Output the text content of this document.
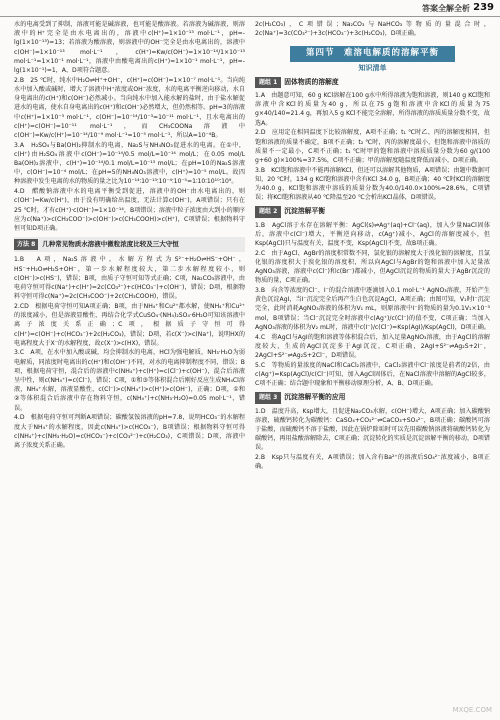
答案全解全析 239

水的电离受到了抑制，溶液可能是碱溶液，也可能是酸溶液。若溶液为碱溶液，则溶液中的H⁺完全是由水电离出的，溶液中c(H⁺)=1×10⁻¹³ mol·L⁻¹，pH=-lg(1×10⁻¹³)=13；若溶液为酸溶液，则溶液中的OH⁻完全是由水电离出的，溶液中c(OH⁻)=1×10⁻¹³ mol·L⁻¹，c(H⁺)=Kw/c(OH⁻)=1×10⁻¹⁴/1×10⁻¹³ mol·L⁻¹=1×10⁻¹ mol·L⁻¹，溶液中由酸电离出的c(H⁺)≈1×10⁻¹ mol·L⁻¹，pH=-lg(1×10⁻¹)=1，A、D项符合题意。

2.B　25 ℃时，纯水中H₂O⇌H⁺+OH⁻，c(H⁺)=c(OH⁻)=1×10⁻⁷ mol·L⁻¹。当向纯水中加入酸或碱时，增大了溶液中H⁺浓度或OH⁻浓度，水的电离平衡逆向移动，水自身电离出的c(H⁺)和c(OH⁻)必然减小。当向纯水中加入能水解的盐时，由于盐水解促进水的电离，使水自身电离出的c(H⁺)和c(OH⁻)必然增大，但仍然相等。pH=3的溶液中c(H⁺)=1×10⁻³ mol·L⁻¹，c(OH⁻)=10⁻¹⁴/10⁻³=10⁻¹¹ mol·L⁻¹，且水电离出的c(H⁺)=c(OH⁻)=10⁻¹¹ mol·L⁻¹，而CH₃COONa溶液中c(OH⁻)=Kw/c(H⁺)=10⁻¹⁴/10⁻⁹ mol·L⁻¹=10⁻⁵ mol·L⁻¹，所以A=10⁻⁴B。

3.A　H₂SO₄与Ba(OH)₂抑制水的电离，Na₂S与NH₄NO₃促进水的电离。在①中，c(H⁺)由H₂SO₄溶液中c(OH⁻)=10⁻¹⁴/0.5 mol/L=10⁻¹⁴ mol/L；在0.05 mol/L Ba(OH)₂溶液中，c(H⁺)=10⁻¹⁴/0.1 mol/L=10⁻¹³ mol/L；在pH=10的Na₂S溶液中，c(OH⁻)=10⁻⁴ mol/L；在pH=5的NH₄NO₃溶液中，c(H⁺)=10⁻⁵ mol/L。故四种溶液中发生电离的水的物质的量之比为10⁻¹⁴∶10⁻¹³∶10⁻⁴∶10⁻⁵=1∶10∶10¹⁰∶10⁹。

4.D　醋酸钠溶液中水的电离平衡受到促进，溶液中的OH⁻由水电离出的，则c(OH⁻)=Kw/c(H⁺)，由于没有明确给出温度，无法计算c(OH⁻)，A项错误；只有在25 ℃时，才有c(H⁺)·c(OH⁻)=1×10⁻¹⁴，B项错误；溶液中粒子浓度由大到小的顺序应为c(Na⁺)>c(CH₃COO⁻)>c(OH⁻)>c(CH₃COOH)>c(H⁺)，C项错误；根据物料守恒可知D项正确。

方法 8	几种常见物质水溶液中微粒浓度比较及三大守恒

1.B　A项，Na₂S溶液中，水解方程式为S²⁻+H₂O⇌HS⁻+OH⁻，HS⁻+H₂O⇌H₂S+OH⁻，第一步水解程度较大，第二步水解程度较小，则c(OH⁻)>c(HS⁻)，错误；B项，由质子守恒可知等式正确；C项，Na₂CO₃溶液中，由电荷守恒可得c(Na⁺)+c(H⁺)=2c(CO₃²⁻)+c(HCO₃⁻)+c(OH⁻)，错误；D项，根据物料守恒可得c(Na⁺)=2c(CH₃COO⁻)+2c(CH₃COOH)，错误。

2.CD　根据电荷守恒可知A项正确；B项，由于NH₄⁺和Cu²⁺都水解，使NH₄⁺和Cu²⁺的浓度减小，但是溶液显酸性，再结合化学式CuSO₄·(NH₄)₂SO₄·6H₂O可知该溶液中离子浓度关系正确；C项，根据质子守恒可得c(H⁺)=c(OH⁻)+c(HCO₃⁻)+2c(H₂CO₃)，错误；D项，若c(X⁻)>c(Na⁺)，说明HX的电离程度大于X⁻的水解程度，故c(X⁻)>c(HX)，错误。

3.C　A项，在水中加入酸或碱，均会抑制水的电离，HCl为强电解质，NH₃·H₂O为弱电解质，同浓度时电离出的c(H⁺)和c(OH⁻)不同，对水的电离抑制程度不同，错误；B项，根据电荷守恒，混合后的溶液中c(NH₄⁺)+c(H⁺)=c(Cl⁻)+c(OH⁻)，混合后溶液呈中性，则c(NH₄⁺)=c(Cl⁻)，错误；C项，①和③等体积混合后刚好反应生成NH₄Cl溶液，NH₄⁺水解，溶液显酸性，c(Cl⁻)>c(NH₄⁺)>c(H⁺)>c(OH⁻)，正确；D项，①和②等体积混合后溶液中存在物料守恒，c(NH₄⁺)+c(NH₃·H₂O)=0.05 mol·L⁻¹，错误。

4.D　根据电荷守恒可判断A项错误；碳酸氢铵溶液的pH=7.8，说明HCO₃⁻的水解程度大于NH₄⁺的水解程度，因此c(NH₄⁺)>c(HCO₃⁻)，B项错误；根据物料守恒可得c(NH₄⁺)+c(NH₃·H₂O)=c(HCO₃⁻)+c(CO₃²⁻)+c(H₂CO₃)，C项错误；D项，溶液中离子浓度关系正确。

2c(H₂CO₃)，C项错误；Na₂CO₃与NaHCO₃等物质的量混合时，2c(Na⁺)=3c(CO₃²⁻)+3c(HCO₃⁻)+3c(H₂CO₃)，D项正确。

第四节　难溶电解质的溶解平衡
知识清单
题组 1	固体物质的溶解度

1.A　由题意可知，60 g KCl溶解在100 g水中所得溶液为饱和溶液，则140 g KCl饱和溶液中含KCl的质量为40 g，所以在75 g饱和溶液中含KCl的质量为75 g×40/140≈21.4 g，再加入5 g KCl不能完全溶解，所得溶液的溶质质量分数不变，故选A。

2.D　应用定在相同温度下比较溶解度，A项不正确；t₁ ℃时乙、丙的溶解度相同，但饱和溶液的质量不确定，B项不正确；t₂ ℃时，丙的溶解度最小，但饱和溶液中溶质的质量不一定最小，C项不正确；t₁ ℃时甲的饱和溶液中溶质质量分数为60 g/(100 g+60 g)×100%=37.5%，C项不正确；甲的溶解度随温度降低而减小，D项正确。

3.B　KCl饱和溶液中不能再溶解KCl，但还可以溶解其他物质，A项错误；由题中数据可知，20 ℃时，134 g KCl饱和溶液中含有KCl 34.0 g，B项正确；40 ℃时KCl的溶解度为40.0 g，KCl饱和溶液中溶质的质量分数为40.0/140.0×100%≈28.6%，C项错误；将KCl饱和溶液从40 ℃降温至20 ℃会析出KCl晶体，D项错误。

题组 2	沉淀溶解平衡

1.B　AgCl溶于水存在溶解平衡：AgCl(s)⇌Ag⁺(aq)+Cl⁻(aq)，加入少量NaCl固体后，溶液中c(Cl⁻)增大，平衡逆向移动，c(Ag⁺)减小，AgCl的溶解度减小，但Ksp(AgCl)只与温度有关，温度不变，Ksp(AgCl)不变，故B项正确。

2.C　由于AgCl、AgBr的溶度积常数不同，氯化银的溶解度大于溴化银的溶解度，且氯化银的溶度积大于溴化银的溶度积，所以向AgCl与AgBr的饱和溶液中加入足量浓AgNO₃溶液，溶液中c(Cl⁻)和c(Br⁻)都减小，但AgCl沉淀的物质的量大于AgBr沉淀的物质的量，C项正确。

3.B　向含等浓度的Cl⁻、I⁻的混合溶液中逐滴加入0.1 mol·L⁻¹ AgNO₃溶液，开始产生黄色沉淀AgI，当I⁻沉淀完全后再产生白色沉淀AgCl，A项正确；由图可知，V₁时I⁻沉淀完全，此时消耗AgNO₃溶液的体积为V₁ mL，则原溶液中I⁻的物质的量为0.1V₁×10⁻³ mol，B项错误；当Cl⁻沉淀完全时溶液中c(Ag⁺)/c(Cl⁻)的值不变，C项正确；当加入AgNO₃溶液的体积为V₂ mL时，溶液中c(I⁻)/c(Cl⁻)=Ksp(AgI)/Ksp(AgCl)，D项正确。

4.C　将AgCl与AgI的饱和溶液等体积混合后，加入足量AgNO₃溶液，由于AgCl的溶解度较大，生成的AgCl沉淀多于AgI沉淀，C项正确，2AgI+S²⁻⇌Ag₂S+2I⁻，2AgCl+S²⁻⇌Ag₂S+2Cl⁻，D项错误。

5.C　等物质的量浓度的NaCl和CaCl₂溶液中，CaCl₂溶液中Cl⁻浓度是前者的2倍，由c(Ag⁺)=Ksp(AgCl)/c(Cl⁻)可知，加入AgCl固体后，在NaCl溶液中溶解的AgCl较多，C项不正确；结合题中现象和平衡移动原理分析，A、B、D项正确。

题组 3	沉淀溶解平衡的应用

1.D　温度升高，Ksp增大，且促进Na₂CO₃水解，c(OH⁻)增大，A项正确；加入碳酸钠溶液，硫酸钙转化为碳酸钙：CaSO₄+CO₃²⁻⇌CaCO₃+SO₄²⁻，B项正确；碳酸钙可溶于盐酸，而硫酸钙不溶于盐酸，因此在锅炉除垢时可以先用碳酸钠溶液将硫酸钙转化为碳酸钙，再用盐酸溶解除去，C项正确；沉淀转化的实质是沉淀溶解平衡的移动，D项错误。

2.B　Ksp只与温度有关，A项错误；加入含有Ba²⁺的溶液后SO₄²⁻浓度减小，B项正确。

MXQE.COM
